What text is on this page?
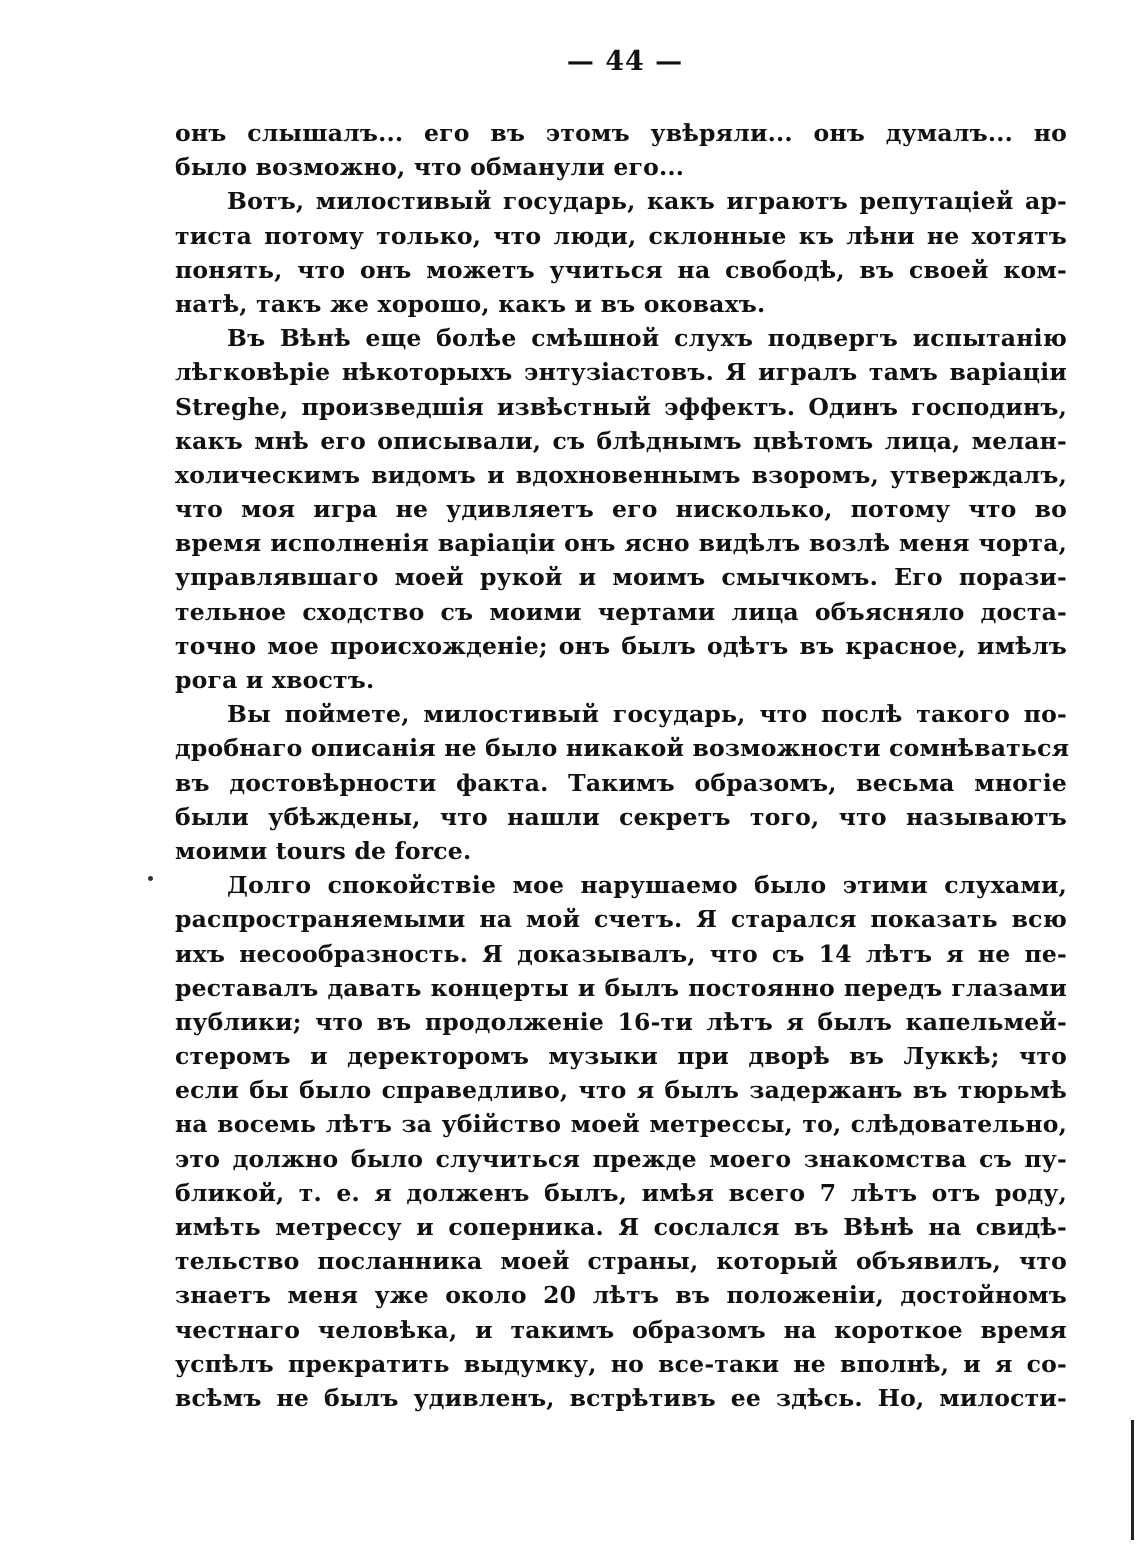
— 44 —
онъ слышалъ... его въ этомъ увѣряли... онъ думалъ... но
было возможно, что обманули его...
Вотъ, милостивый государь, какъ играютъ репутацiей ар-
тиста потому только, что люди, склонные къ лѣни не хотятъ
понять, что онъ можетъ учиться на свободѣ, въ своей ком-
натѣ, такъ же хорошо, какъ и въ оковахъ.
Въ Вѣнѣ еще болѣе смѣшной слухъ подвергъ испытанiю
лѣгковѣрiе нѣкоторыхъ энтузiастовъ. Я игралъ тамъ варiацiи
Streghe, произведшiя извѣстный эффектъ. Одинъ господинъ,
какъ мнѣ его описывали, съ блѣднымъ цвѣтомъ лица, мелан-
холическимъ видомъ и вдохновеннымъ взоромъ, утверждалъ,
что моя игра не удивляетъ его нисколько, потому что во
время исполненiя варiацiи онъ ясно видѣлъ возлѣ меня чорта,
управлявшаго моей рукой и моимъ смычкомъ. Его порази-
тельное сходство съ моими чертами лица объясняло доста-
точно мое происхожденiе; онъ былъ одѣтъ въ красное, имѣлъ
рога и хвостъ.
Вы поймете, милостивый государь, что послѣ такого по-
дробнаго описанiя не было никакой возможности сомнѣваться
въ достовѣрности факта. Такимъ образомъ, весьма многiе
были убѣждены, что нашли секретъ того, что называютъ
моими tours de force.
Долго спокойствiе мое нарушаемо было этими слухами,
распространяемыми на мой счетъ. Я старался показать всю
ихъ несообразность. Я доказывалъ, что съ 14 лѣтъ я не пе-
реставалъ давать концерты и былъ постоянно передъ глазами
публики; что въ продолженiе 16-ти лѣтъ я былъ капельмей-
стеромъ и деректоромъ музыки при дворѣ въ Луккѣ; что
если бы было справедливо, что я былъ задержанъ въ тюрьмѣ
на восемь лѣтъ за убiйство моей метрессы, то, слѣдовательно,
это должно было случиться прежде моего знакомства съ пу-
бликой, т. е. я долженъ былъ, имѣя всего 7 лѣтъ отъ роду,
имѣть метрессу и соперника. Я сослался въ Вѣнѣ на свидѣ-
тельство посланника моей страны, который объявилъ, что
знаетъ меня уже около 20 лѣтъ въ положенiи, достойномъ
честнаго человѣка, и такимъ образомъ на короткое время
успѣлъ прекратить выдумку, но все-таки не вполнѣ, и я со-
всѣмъ не былъ удивленъ, встрѣтивъ ее здѣсь. Но, милости-
